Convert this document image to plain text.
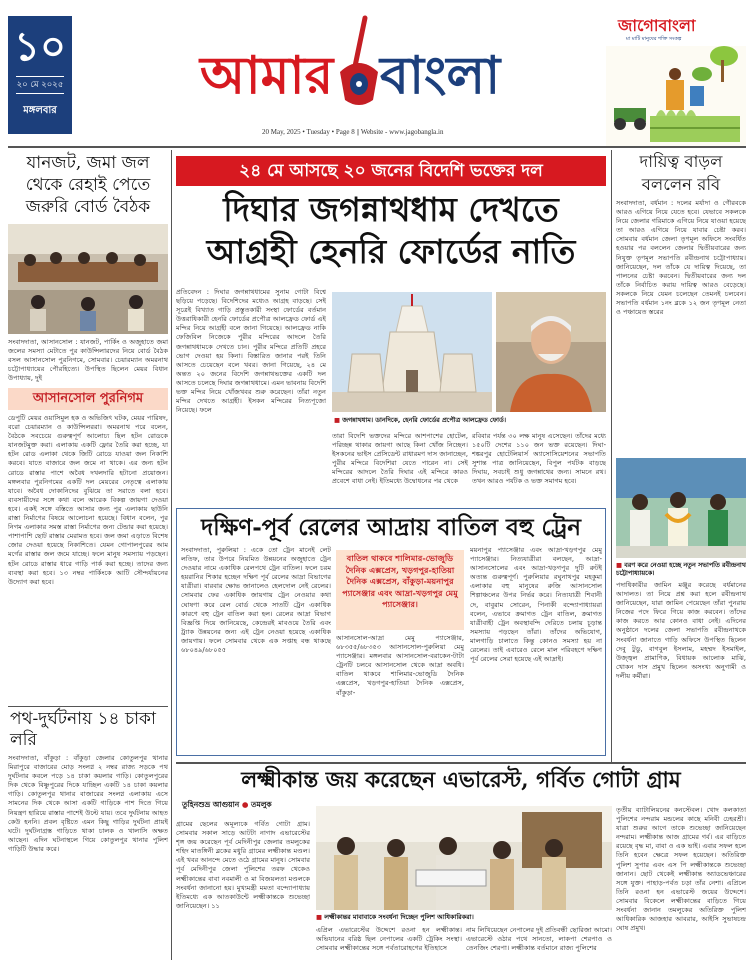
১০
২০ মে ২০২৫
মঙ্গলবার
আমার বাংলা
20 May, 2025 • Tuesday • Page 8 || Website - www.jagobangla.in
জাগোবাংলা
মা মাটি মানুষের শক্তি সংকল্প
যানজট, জমা জল থেকে রেহাই পেতে জরুরি বোর্ড বৈঠক
সংবাদদাতা, আসানসোল : যানজট, পার্কিং ও অজুহাতে জমা জলের সমস্যা মেটাতে পুর কাউন্সিলারদের নিয়ে বোর্ড বৈঠক বসল আসানসোল পুরনিগমে, সোমবার। চেয়ারম্যান অমরনাথ চট্টোপাধ্যায়ের পৌরহিত্যে। উপস্থিত ছিলেন মেয়র বিধান উপাধ্যায়, দুই
আসানসোল পুরনিগম
ডেপুটি মেয়র ওয়াসিমুল হক ও অভিজিৎ ঘটক, মেয়র পারিষদ, বরো চেয়ারম্যান ও কাউন্সিলররা। অমরনাথ পরে বলেন, বৈঠকে সবচেয়ে গুরুত্বপূর্ণ আলোচ্য ছিল হটন রোডকে যানজটমুক্ত করা। এলাকায় একটি ফ্লোর তৈরি করা হচ্ছে, যা হটন রোড এলাকা থেকে জিটি রোডে যাওয়া জল নিকাশি করবে। যাতে বাজারে জল জমে না থাকে। এর জন্য হটন রোডে রাস্তার পাশে অবৈধ দখলদারি হটানো প্রয়োজন। মঙ্গলবার পুরনিগমের একটি দল মেয়রের নেতৃত্বে এলাকায় যাবে। অবৈধ দোকানিদের বুঝিয়ে তা সরাতে বলা হবে। ব্যবসায়ীদের সঙ্গে কথা বলে আরেক বিকল্প জায়গা দেওয়া হবে। একই সঙ্গে বস্তিতে আসার জন্য পুর এলাকায় ছাউনি রাস্তা নির্মাণের বিষয়ে আলোচনা হয়েছে। বিধান বলেন, পুর নিগম এলাকার সমস্ত রাস্তা নির্মাণের জন্য টেন্ডার করা হয়েছে। পাশাপাশি ছোট রাস্তার মেরামত হবে। জল জমা এড়াতে বিশেষ জোর দেওয়া হয়েছে নিকাশিতে। যেমন গোপালপুরের আম মর্গের রাস্তার জল জমে যাচ্ছে। ফলে মানুষ সমস্যায় পড়ছেন। হটন রোডে রাস্তার ধারে গাড়ি পার্ক করা হচ্ছে। তাদের জন্য ব্যবস্থা করা হবে। ১৩ নম্বর পার্কিংকে আটি সৌন্দর্যায়নের উদ্যোগ করা হবে।
পথ-দুর্ঘটনায় ১৪ চাকা লরি
সংবাদদাতা, বাঁকুড়া : বাঁকুড়া জেলার কোতুলপুর থানার মিরাপুরে বাজারের মোড় সংলগ্ন ২ নম্বর রাজ্য সড়কে পথ দুর্ঘটনার কবলে পড়ে ১৪ চাকা কয়লার গাড়ি। কোতুলপুরের দিক থেকে বিষ্ণুপুরের দিকে যাচ্ছিল একটি ১৪ চাকা কয়লার গাড়ি। কোতুলপুর থানার বাজারের সংলগ্ন এলাকায় এসে সামনের দিক থেকে আসা একটি গাড়িকে পাশ দিতে গিয়ে নিয়ন্ত্রণ হারিয়ে রাস্তার পাশেই উল্টে যায়। তবে দুর্ঘটনায় আহত কেউ হননি। প্রবল বৃষ্টিতে এমন কিছু গাড়ির দুর্ঘটনা প্রায়ই ঘটে। দুর্ঘটনাগ্রস্ত গাড়িতে থাকা চালক ও খালাসি অক্ষত আছেন। এদিন ঘটনাস্থলে গিয়ে কোতুলপুর থানার পুলিশ গাড়িটি উদ্ধার করে।
২৪ মে আসছে ২০ জনের বিদেশি ভক্তের দল
দিঘার জগন্নাথধাম দেখতে
আগ্রহী হেনরি ফোর্ডের নাতি
প্রতিবেদন : দিঘার জগন্নাথধামের সুনাম গোটা বিশ্বে ছড়িয়ে পড়েছে। বিদেশিদের মধ্যেও আগ্রহ বাড়ছে। সেই সূত্রেই বিখ্যাত গাড়ি প্রস্তুতকারী সংস্থা ফোর্ডের বর্তমান উত্তরাধিকারী হেনরি ফোর্ডের প্রপৌত্র আলফ্রেড ফোর্ড এই মন্দির নিয়ে আগ্রহী বলে জানা গিয়েছে। আলফ্রেড নাকি ফেজিবিল নিজেকে পুরীর মন্দিরের আদলে তৈরি জগন্নাথধামকে দেখতে চান। পুরীর মন্দিরে প্রতিটি প্রহরে ভোগ দেওয়া হয় কিনা। বিস্তারিত জানার পরই তিনি আসতে চেয়েছেন বলে খবর। জানা গিয়েছে, ২৪ মে অন্তত ২০ জনের বিদেশি জগন্নাথভক্তের একটি দল আসতে চলেছে দিঘার জগন্নাথধামে। এমন ভাবনায় বিদেশি ভক্ত মন্দির নিয়ে খোঁজখবর শুরু করেছেন। তাঁরা নতুন মন্দির দেখতে আগ্রহী। ইসকন মন্দিরের নিত্যপূজো নিয়েছে। ফলে
■ জগন্নাথধাম। ডানদিকে, হেনরি ফোর্ডের প্রপৌত্র আলফ্রেড ফোর্ড।
তারা বিদেশি ভক্তদের মন্দিরে আশপাশের হোটেল, পরিচ্ছন্ন থাকার জায়গা আছে কিনা খোঁজ নিচ্ছেন। ইসকনের ভাইস প্রেসিডেন্ট রাধারমণ দাস জানাচ্ছেন, পুরীর মন্দিরে বিদেশিরা যেতে পারেন না। সেই মন্দিরের আদলে তৈরি দিঘার এই মন্দিরে কারও প্রবেশে বাধা নেই। ইতিমধ্যে উদ্বোধনের পর থেকে
রবিবার পর্যন্ত ৩০ লক্ষ মানুষ এসেছেন। তাঁদের মধ্যে ১৫০টি দেশের ১১০ জন ভক্ত রয়েছেন। দিঘা-শঙ্করপুর হোটেলিয়ার্স অ্যাসোসিয়েশনের সভাপতি সুশান্ত পাত্র জানিয়েছেন, বিপুল পর্যটক বাড়ছে দিঘায়, সবচাই শুধু জগন্নাথের জন্য। সামনে রথ। তখন আরও পর্যটক ও ভক্ত সমাগম হবে।
দক্ষিণ-পূর্ব রেলের আদ্রায় বাতিল বহু ট্রেন
সংবাদদাতা, পুরুলিয়া : একে তো ট্রেন মানেই লেট লতিফ, তার উপরে নিয়মিত উন্নয়নের অজুহাতে ট্রেন দেওয়ার নামে একাধিক রেলপথে ট্রেন বাতিল। ফলে চরম হয়রানির শিকার হচ্ছেন দক্ষিণ পূর্ব রেলের আদ্রা বিভাগের যাত্রীরা। বারবার ক্ষোভ জানালেও হেলদোল নেই রেলের। সোমবার ফের একাধিক জায়গায় ট্রেন নেওয়ার কথা ঘোষণা করে রেল বোর্ড থেকে সাতটি ট্রেন একাধিক কারণে বহু ট্রেন বাতিল করা হল। রেলের আদ্রা বিভাগ বিজ্ঞপ্তি দিয়ে জানিয়েছে, কেন্দ্রেরই মাবওয়ে তৈরি এবং ট্র্যাক উন্নয়নের জন্য এই ট্রেন নেওয়া হয়েছে একাধিক জায়গায়। ফলে সোমবার থেকে এক সপ্তাহ বন্ধ থাকছে ৬৮০৪৯/৬৮০৫৫
বাতিল থাকবে শালিমার-ভোজুডি দৈনিক এক্সপ্রেস, খড়গপুর-হাতিয়া দৈনিক এক্সপ্রেস, বাঁকুড়া-ময়নাপুর প্যাসেঞ্জার এবং আদ্রা-খড়গপুর মেমু প্যাসেঞ্জার।
আসানসোল-আদ্রা মেমু প্যাসেঞ্জার, ৬৮৩৫৫/৬৮৩৫৩ আসানসোল-পুরুলিয়া মেমু প্যাসেঞ্জার। মঙ্গলবার আসানসোল-বরাকেন-টাটা ট্রেনটি চলবে আসানসোল থেকে আদ্রা অবধি। বাতিল থাকবে শালিমার-ভোজুডি দৈনিক এক্সপ্রেস, খড়গপুর-হাতিয়া দৈনিক এক্সপ্রেস, বাঁকুড়া-
ময়নাপুর প্যাসেঞ্জার এবং আদ্রা-খড়গপুর মেমু প্যাসেঞ্জার। নিত্যযাত্রীরা বলছেন, আদ্রা-আসানসোলের এবং আদ্রা-খড়গপুর দুটি রুটই অত্যন্ত গুরুত্বপূর্ণ। পুরুলিয়ার রঘুনাথপুর মহকুমা এলাকার বহু মানুষের রুজি আসানসোল শিল্পাঞ্চলের উপর নির্ভর করে। নিত্যযাত্রী শিবানী দে, বাবুরাম সোরেন, পিনাকী বন্দ্যোপাধ্যায়রা বলেন, এভাবে ক্রমাগত ট্রেন বাতিল, ক্রমাগত যাত্রীবাহী ট্রেন অবস্থাবন্দি দেরিতে চলায় চূড়ান্ত সমস্যায় পড়ছেন তাঁরা। তাঁদের অভিযোগ, মালগাড়ি চালাতে কিন্তু কোনও সমস্যা হয় না রেলের। তাই এবারেও রেলে মাল পরিবহণে দক্ষিণ পূর্ব রেলের সেরা হয়েছে এই আদ্রাই।
দায়িত্ব বাড়ল বললেন রবি
সংবাদদাতা, বর্ধমান : দলের মর্যাদা ও গৌরবকে আরও এগিয়ে নিয়ে যেতে হবে। যেভাবে সকলকে নিয়ে জেলার গরিমাকে এগিয়ে নিয়ে যাওয়া হয়েছে তা আরও এগিয়ে নিয়ে যাবার চেষ্টা করব। সোমবার বর্ধমান জেলা তৃণমূল অফিসে সংবর্ধিত হওয়ার পর বললেন জেলার দ্বিতীয়বারের জন্য নিযুক্ত তৃণমূল সভাপতি রবীন্দ্রনাথ চট্টোপাধ্যায়। জানিয়েছেন, দল তাঁকে যে দায়িত্ব দিয়েছে, তা পালনের চেষ্টা করবেন। দ্বিতীয়বারের জন্য দল তাঁকে নির্বাচিত করায় দায়িত্ব আরও বেড়েছে। সকলকে নিয়ে যেমন চলেছেন তেমনই চলবেন। সভাপতি বর্ধমান ১নং ব্লকে ১২ জন তৃণমূল নেতা ও পঞ্চায়েত স্তরের
■ বরণ করে নেওয়া হচ্ছে নতুন সভাপতি রবীন্দ্রনাথ চট্টোপাধ্যায়কে।
পদাধিকারীর জামিন মঞ্জুর করেছে বর্ধমানের আদালত। তা নিয়ে প্রশ্ন করা হলে রবীন্দ্রনাথ জানিয়েছেন, যারা জামিন পেয়েছেন তাঁরা পুনরায় নিজের পদে ফিরে গিয়ে কাজ করবেন। তাঁদের কাজ করতে আর কোনও বাধা নেই। এদিনের অনুষ্ঠানে দলের জেলা সভাপতি রবীন্দ্রনাথকে সংবর্ধনা জানাতে গাড়ি অফিসে উপস্থিত ছিলেন দেবু টুডু, বাগবুল ইসলাম, মহম্মদ ইসমাইল, উজ্জ্বল প্রামাণিক, বিধায়ক আলোক মাঝি, খোকন দাস প্রমুখ ছিলেন অসংখ্য অনুগামী ও দলীয় কর্মীরা।
লক্ষ্মীকান্ত জয় করেছেন এভারেস্ট, গর্বিত গোটা গ্রাম
তুহিনশুভ্র আগুয়ান ● তমলুক
গ্রামের ছেলের অমূল্যকে গর্বিত গোটা গ্রাম। সোমবার সকাল সাড়ে আটটা নাগাদ এভারেস্টের শৃঙ্গ জয় করেছেন পূর্ব মেদিনীপুর জেলার তমলুকের শহিদ মাতঙ্গিনী ব্লকের মধুরি গ্রামের লক্ষ্মীকান্ত মণ্ডল। এই খবর আনন্দে মেতে ওঠে গ্রামের মানুষ। সোমবার পূর্ব মেদিনীপুর জেলা পুলিশের তরফ থেকেও লক্ষ্মীকান্তের বাবা নবমালী ও মা বিজয়লতা মণ্ডলকে সংবর্ধনা জানানো হয়। মুখ্যমন্ত্রী মমতা বন্দ্যোপাধ্যায় ইতিমধ্যে এক আতকাউন্টে লক্ষ্মীকান্তকে শুভেচ্ছা জানিয়েছেন। ১১
■ লক্ষ্মীকান্তর মাবাবাকে সংবর্ধনা দিচ্ছেন পুলিশ আধিকারিকরা।
এপ্রিল এভারেস্টের উদ্দেশে রওনা হন লক্ষ্মীকান্ত। অভিযানের বরিষ্ঠ ছিল নেপালের একটি ট্রেকিং সংস্থা। সোমবার লক্ষ্মীকান্তের সঙ্গে পর্বতারোহণের ইতিহাসে
নাম লিখিয়েছেন নেপালের দুই প্রতিবন্ধী ছোরিজা আমো। এভারেস্টে ওঠার পথে সানতো, লাকপা শেরপাও ও তেনজিং শেরপা। লক্ষ্মীকান্ত বর্তমানে রাজ্য পুলিশের
তৃতীয় ব্যাটালিয়নের কনস্টেবল। খোদ কলকাতা পুলিশের নন্দরাম মন্ডলের কাছে মনিবী ঢেহরশ্রী। যাত্রা শুরুর আগে তাকে শুভেচ্ছা জানিয়েছেন নন্দরাম। লক্ষ্মীকান্ত আজ গ্রামের গর্ব। এর বাড়িতে রয়েছে বৃদ্ধ মা, বাবা ও এক ভাই। এবার সফল হলে তিনি হবেন ক্ষেত্রে সফল হয়েছেন। অতিরিক্ত পুলিশ সুপার এবং এস পি লক্ষ্মীকান্তকে শুভেচ্ছা জানান। ছোট থেকেই লক্ষ্মীকান্ত অ্যাডভেঞ্চারের সঙ্গে যুক্ত। পাহাড়-পর্বত চড়া তাঁর নেশা। এপ্রিলে তিনি রওনা হন এভারেস্ট জয়ের উদ্দেশে। সোমবার বিকেলে লক্ষ্মীকান্তের বাড়িতে গিয়ে সংবর্ধনা জানান তমলুকের অতিরিক্ত পুলিশ আধিকারিক আজহার আবরার, আইসি সুভাষচন্দ্র ঘোষ প্রমুখ।
